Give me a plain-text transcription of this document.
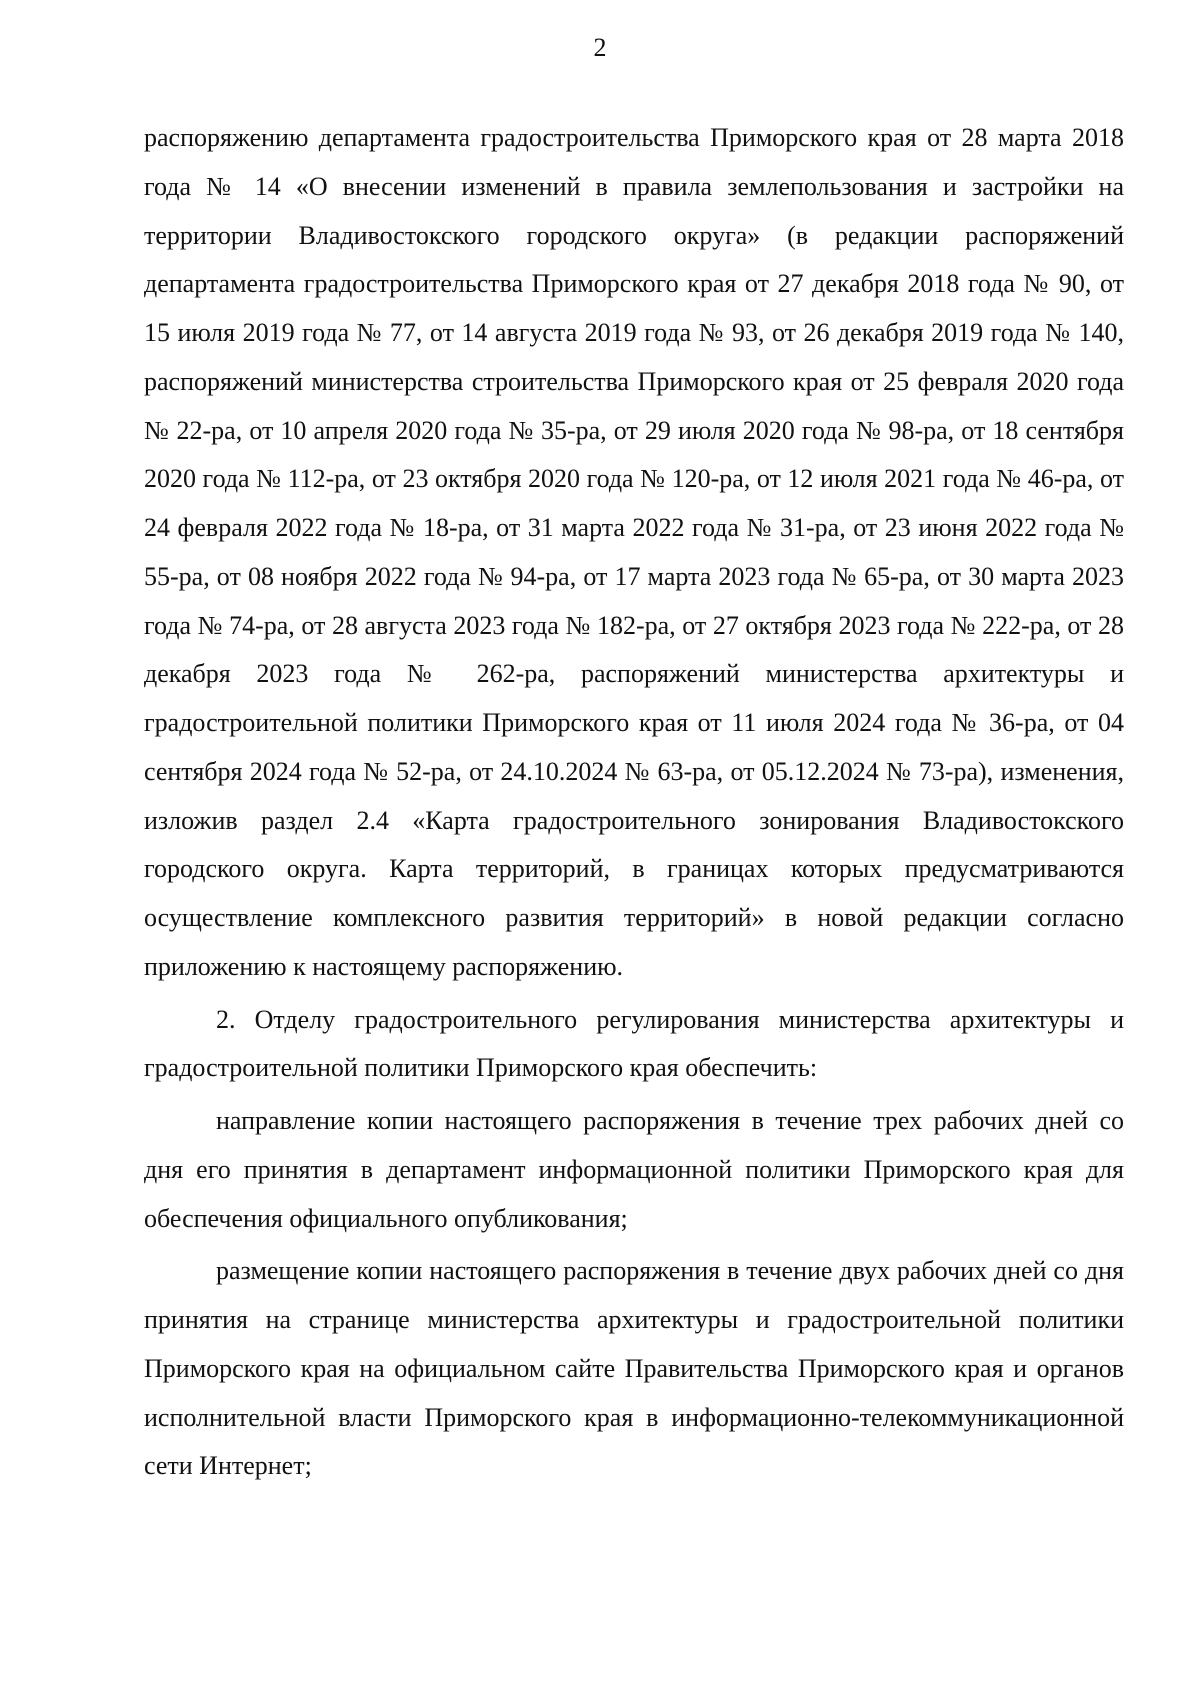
2

распоряжению департамента градостроительства Приморского края от 28 марта 2018 года № 14 «О внесении изменений в правила землепользования и застройки на территории Владивостокского городского округа» (в редакции распоряжений департамента градостроительства Приморского края от 27 декабря 2018 года № 90, от 15 июля 2019 года № 77, от 14 августа 2019 года № 93, от 26 декабря 2019 года № 140, распоряжений министерства строительства Приморского края от 25 февраля 2020 года № 22-ра, от 10 апреля 2020 года № 35-ра, от 29 июля 2020 года № 98-ра, от 18 сентября 2020 года № 112-ра, от 23 октября 2020 года № 120-ра, от 12 июля 2021 года № 46-ра, от 24 февраля 2022 года № 18-ра, от 31 марта 2022 года № 31-ра, от 23 июня 2022 года № 55-ра, от 08 ноября 2022 года № 94-ра, от 17 марта 2023 года № 65-ра, от 30 марта 2023 года № 74-ра, от 28 августа 2023 года № 182-ра, от 27 октября 2023 года № 222-ра, от 28 декабря 2023 года № 262-ра, распоряжений министерства архитектуры и градостроительной политики Приморского края от 11 июля 2024 года № 36-ра, от 04 сентября 2024 года № 52-ра, от 24.10.2024 № 63-ра, от 05.12.2024 № 73-ра), изменения, изложив раздел 2.4 «Карта градостроительного зонирования Владивостокского городского округа. Карта территорий, в границах которых предусматриваются осуществление комплексного развития территорий» в новой редакции согласно приложению к настоящему распоряжению.

2. Отделу градостроительного регулирования министерства архитектуры и градостроительной политики Приморского края обеспечить:

направление копии настоящего распоряжения в течение трех рабочих дней со дня его принятия в департамент информационной политики Приморского края для обеспечения официального опубликования;

размещение копии настоящего распоряжения в течение двух рабочих дней со дня принятия на странице министерства архитектуры и градостроительной политики Приморского края на официальном сайте Правительства Приморского края и органов исполнительной власти Приморского края в информационно-телекоммуникационной сети Интернет;
